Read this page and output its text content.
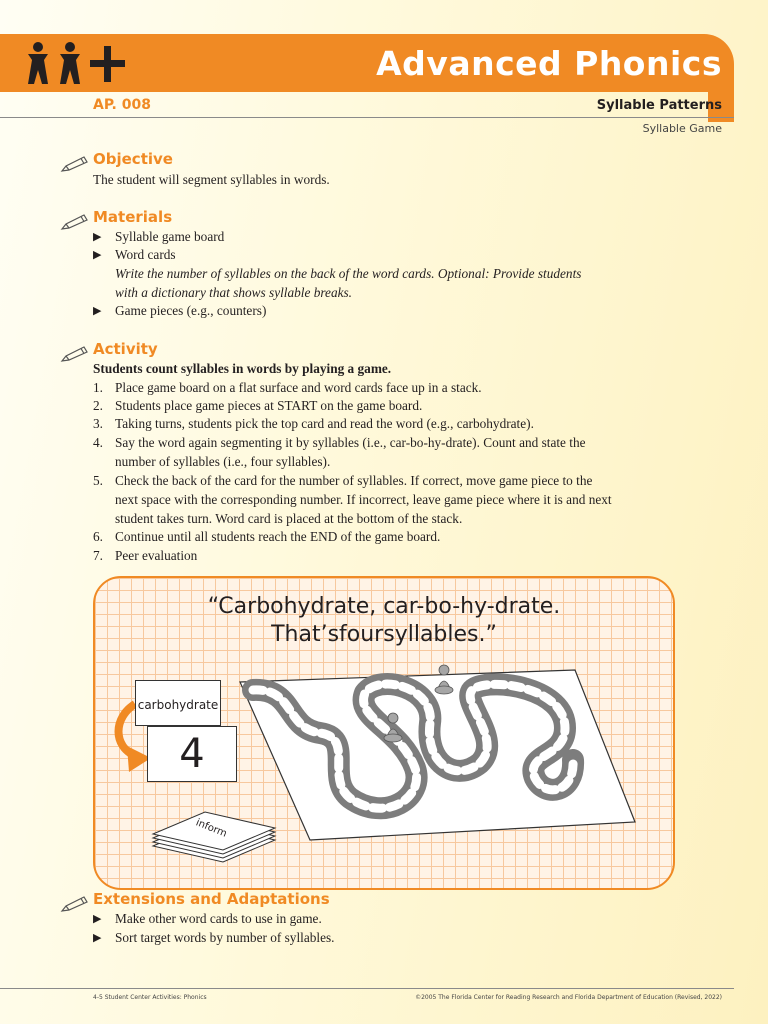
Advanced Phonics
AP. 008	Syllable Patterns
Syllable Game
Objective
The student will segment syllables in words.
Materials
▶ Syllable game board
▶ Word cards
Write the number of syllables on the back of the word cards. Optional: Provide students
with a dictionary that shows syllable breaks.
▶ Game pieces (e.g., counters)
Activity
Students count syllables in words by playing a game.
1. Place game board on a flat surface and word cards face up in a stack.
2. Students place game pieces at START on the game board.
3. Taking turns, students pick the top card and read the word (e.g., carbohydrate).
4. Say the word again segmenting it by syllables (i.e., car-bo-hy-drate). Count and state the
number of syllables (i.e., four syllables).
5. Check the back of the card for the number of syllables. If correct, move game piece to the
next space with the corresponding number. If incorrect, leave game piece where it is and next
student takes turn. Word card is placed at the bottom of the stack.
6. Continue until all students reach the END of the game board.
7. Peer evaluation
“Carbohydrate, car-bo-hy-drate.
That’sfoursyllables.”
carbohydrate
4
inform
Extensions and Adaptations
▶ Make other word cards to use in game.
▶ Sort target words by number of syllables.
4-5 Student Center Activities: Phonics	©2005 The Florida Center for Reading Research and Florida Department of Education (Revised, 2022)
